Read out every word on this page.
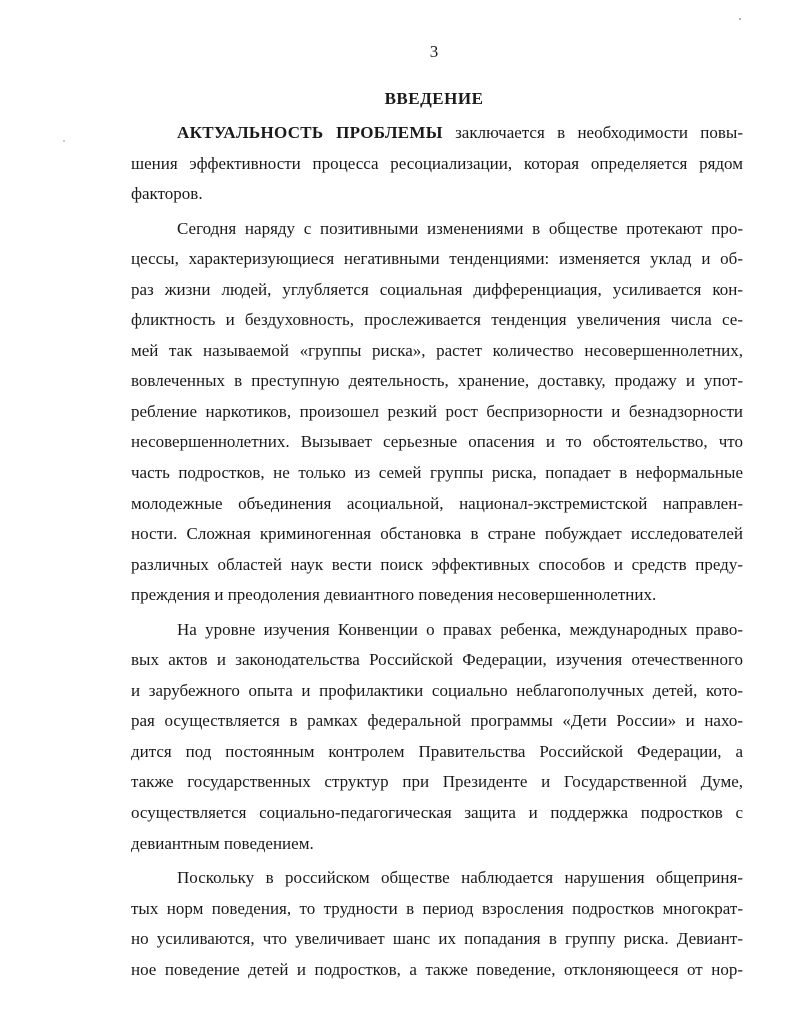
3
ВВЕДЕНИЕ
АКТУАЛЬНОСТЬ ПРОБЛЕМЫ заключается в необходимости повы-
шения эффективности процесса ресоциализации, которая определяется рядом
факторов.
Сегодня наряду с позитивными изменениями в обществе протекают про-
цессы, характеризующиеся негативными тенденциями: изменяется уклад и об-
раз жизни людей, углубляется социальная дифференциация, усиливается кон-
фликтность и бездуховность, прослеживается тенденция увеличения числа се-
мей так называемой «группы риска», растет количество несовершеннолетних,
вовлеченных в преступную деятельность, хранение, доставку, продажу и упот-
ребление наркотиков, произошел резкий рост беспризорности и безнадзорности
несовершеннолетних. Вызывает серьезные опасения и то обстоятельство, что
часть подростков, не только из семей группы риска, попадает в неформальные
молодежные объединения асоциальной, национал-экстремистской направлен-
ности. Сложная криминогенная обстановка в стране побуждает исследователей
различных областей наук вести поиск эффективных способов и средств преду-
преждения и преодоления девиантного поведения несовершеннолетних.
На уровне изучения Конвенции о правах ребенка, международных право-
вых актов и законодательства Российской Федерации, изучения отечественного
и зарубежного опыта и профилактики социально неблагополучных детей, кото-
рая осуществляется в рамках федеральной программы «Дети России» и нахо-
дится под постоянным контролем Правительства Российской Федерации, а
также государственных структур при Президенте и Государственной Думе,
осуществляется социально-педагогическая защита и поддержка подростков с
девиантным поведением.
Поскольку в российском обществе наблюдается нарушения общеприня-
тых норм поведения, то трудности в период взросления подростков многократ-
но усиливаются, что увеличивает шанс их попадания в группу риска. Девиант-
ное поведение детей и подростков, а также поведение, отклоняющееся от нор-
